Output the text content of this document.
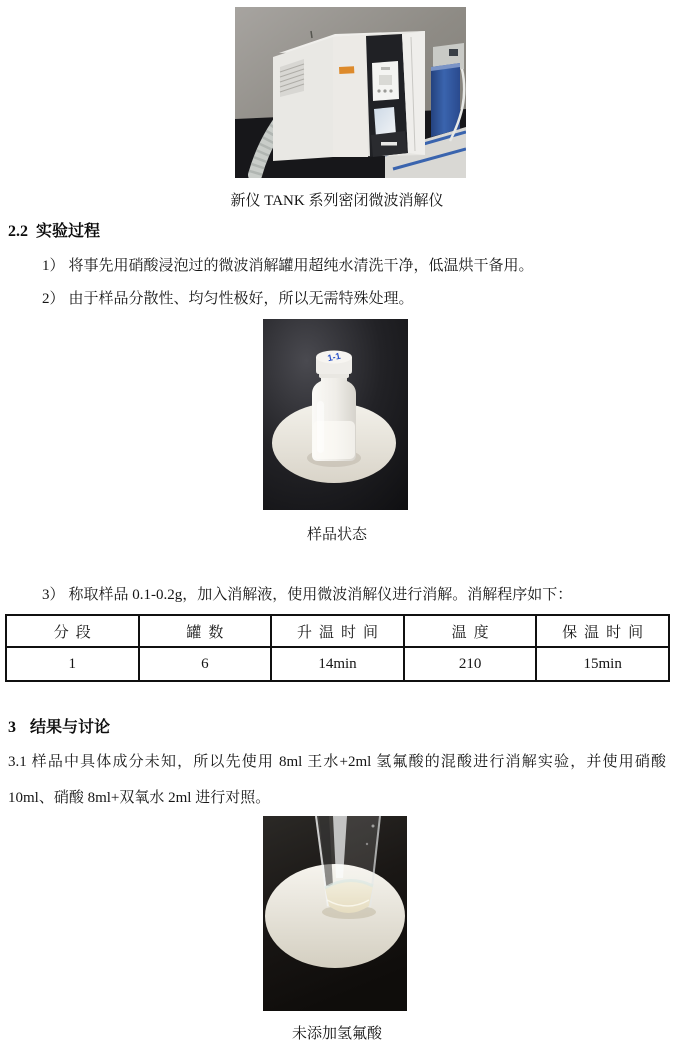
新仪 TANK 系列密闭微波消解仪
2.2 实验过程
1） 将事先用硝酸浸泡过的微波消解罐用超纯水清洗干净，低温烘干备用。
2） 由于样品分散性、均匀性极好，所以无需特殊处理。
1-1
样品状态
3） 称取样品 0.1-0.2g，加入消解液，使用微波消解仪进行消解。消解程序如下：
分段	罐数	升温时间	温度	保温时间
1	6	14min	210	15min
3 结果与讨论
3.1 样品中具体成分未知，所以先使用 8ml 王水+2ml 氢氟酸的混酸进行消解实验，并使用硝酸 10ml、硝酸 8ml+双氧水 2ml 进行对照。
未添加氢氟酸
